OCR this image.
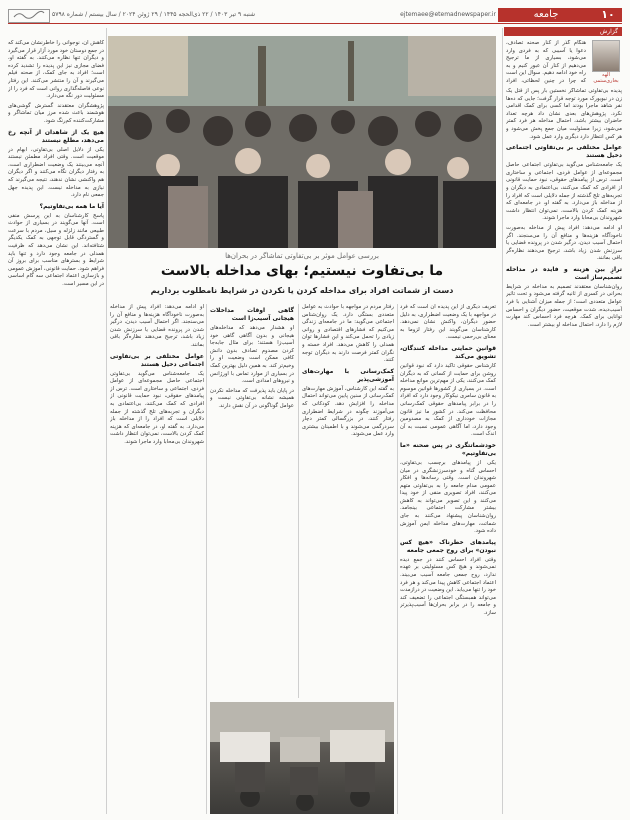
۱۰
جامعه
ejtemaee@etemadnewspaper.ir
شنبه ۹ تیر ۱۴۰۳ / ۲۲ ذی‌الحجه ۱۴۴۵ / ۲۹ ژوئن ۲۰۲۴ / سال بیستم / شماره ۵۷۹۸
گزارش
الهه بخاری‌ستمی

هنگام گذر از کنار صحنه تصادف، دعوا یا آسیبی که به فردی وارد می‌شود، بسیاری از ما ترجیح می‌دهیم از کنار آن عبور کنیم و به راه خود ادامه دهیم. سوال این است که چرا در چنین لحظاتی، افراد

پدیده بی‌تفاوتی تماشاگر نخستین بار پس از قتل یک زن در نیویورک مورد توجه قرار گرفت؛ جایی که ده‌ها نفر شاهد ماجرا بودند اما کسی برای کمک اقدامی نکرد. پژوهش‌های بعدی نشان داد هرچه تعداد حاضران بیشتر باشد، احتمال مداخله هر فرد کمتر می‌شود، زیرا مسئولیت میان جمع پخش می‌شود و هر کس انتظار دارد دیگری وارد عمل شود.

عوامل مختلفی بر بی‌تفاوتی اجتماعی دخیل هستند

یک جامعه‌شناس می‌گوید بی‌تفاوتی اجتماعی حاصل مجموعه‌ای از عوامل فردی، اجتماعی و ساختاری است. ترس از پیامدهای حقوقی، نبود حمایت قانونی از افرادی که کمک می‌کنند، بی‌اعتمادی به دیگران و تجربه‌های تلخ گذشته از جمله دلایلی است که افراد را از مداخله باز می‌دارد. به گفته او، در جامعه‌ای که هزینه کمک کردن بالاست، نمی‌توان انتظار داشت شهروندان بی‌محابا وارد ماجرا شوند.

او ادامه می‌دهد: افراد پیش از مداخله به‌صورت ناخودآگاه هزینه‌ها و منافع آن را می‌سنجند. اگر احتمال آسیب دیدن، درگیر شدن در پرونده قضایی یا سرزنش شدن زیاد باشد، ترجیح می‌دهند نظاره‌گر باقی بمانند.

ترازِ بین هزینه و فایده در مداخله تصمیم‌ساز است

روان‌شناسان معتقدند تصمیم به مداخله در شرایط بحرانی در کسری از ثانیه گرفته می‌شود و تحت تاثیر عوامل متعددی است؛ از جمله میزان آشنایی با فرد آسیب‌دیده، شدت موقعیت، حضور دیگران و احساس توانایی برای کمک. هرچه فرد احساس کند مهارت لازم را دارد، احتمال مداخله او بیشتر است.

بررسی عوامل موثر بر بی‌تفاوتی تماشاگر در بحران‌ها
ما بی‌تفاوت نیستیم؛ بهای مداخله بالاست
دست از شماتت افراد برای مداخله کردن یا نکردن در شرایط نامطلوب برداریم

تعریف دیگری از این پدیده آن است که فرد در مواجهه با یک وضعیت اضطراری، به دلیل حضور دیگران، واکنش نشان نمی‌دهد. کارشناسان می‌گویند این رفتار لزوما به معنای بی‌رحمی نیست.

قوانین حمایتی مداخله کنندگان، تشویق می‌کند

کارشناس حقوقی تاکید دارد که نبود قوانین روشن برای حمایت از کسانی که به دیگران کمک می‌کنند، یکی از مهم‌ترین موانع مداخله است. در بسیاری از کشورها قوانین موسوم به قانون سامری نیکوکار وجود دارد که افراد را در برابر پیامدهای حقوقی کمک‌رسانی محافظت می‌کند. در کشور ما نیز قانون مجازات خودداری از کمک به مصدومین وجود دارد، اما آگاهی عمومی نسبت به آن اندک است.

خودشماتتگری در پس صحنه «ما بی‌تفاوتیم»

یکی از پیامدهای برچسب بی‌تفاوتی، احساس گناه و خودسرزنشگری در میان شهروندان است. وقتی رسانه‌ها و افکار عمومی مدام جامعه را به بی‌تفاوتی متهم می‌کنند، افراد تصویری منفی از خود پیدا می‌کنند و این تصویر می‌تواند به کاهش بیشتر مشارکت اجتماعی بینجامد. روان‌شناسان پیشنهاد می‌کنند به جای شماتت، مهارت‌های مداخله ایمن آموزش داده شود.

پیامدهای خطرناک «هیچ کس نبودن» برای روح جمعی جامعه

وقتی افراد احساس کنند در جمع دیده نمی‌شوند و هیچ کس مسئولیتی بر عهده ندارد، روح جمعی جامعه آسیب می‌بیند. اعتماد اجتماعی کاهش پیدا می‌کند و هر فرد خود را تنها می‌یابد. این وضعیت در درازمدت می‌تواند همبستگی اجتماعی را تضعیف کند و جامعه را در برابر بحران‌ها آسیب‌پذیرتر سازد.

رفتار مردم در مواجهه با حوادث به عوامل متعددی بستگی دارد. یک روان‌شناس اجتماعی می‌گوید: ما در جامعه‌ای زندگی می‌کنیم که فشارهای اقتصادی و روانی زیادی را تحمل می‌کند و این فشارها توان همدلی را کاهش می‌دهد. افراد خسته و نگران کمتر فرصت دارند به دیگران توجه کنند.

کمک‌رسانی با مهارت‌های آموزشی‌پذیر

به گفته این کارشناس، آموزش مهارت‌های کمک‌رسانی از سنین پایین می‌تواند احتمال مداخله را افزایش دهد. کودکانی که می‌آموزند چگونه در شرایط اضطراری رفتار کنند، در بزرگسالی کمتر دچار سردرگمی می‌شوند و با اطمینان بیشتری وارد عمل می‌شوند.

گاهی اوقات مداخلات هیجانی آسیب‌زا است

او هشدار می‌دهد که مداخله‌های هیجانی و بدون آگاهی گاهی خود آسیب‌زا هستند؛ برای مثال جابه‌جا کردن مصدوم تصادف بدون دانش کافی ممکن است وضعیت او را وخیم‌تر کند. به همین دلیل بهترین کمک در بسیاری از موارد تماس با اورژانس و نیروهای امدادی است.

در پایان باید پذیرفت که مداخله نکردن همیشه نشانه بی‌تفاوتی نیست و عوامل گوناگونی در آن نقش دارند.

کاهش آن، نوجوانی را خاطرنشان می‌کند که در جمع دوستان خود مورد آزار قرار می‌گیرد و دیگران تنها نظاره می‌کنند. به گفته او، فضای مجازی نیز این پدیده را تشدید کرده است؛ افراد به جای کمک، از صحنه فیلم می‌گیرند و آن را منتشر می‌کنند. این رفتار نوعی فاصله‌گذاری روانی است که فرد را از مسئولیت دور نگه می‌دارد.

پژوهشگران معتقدند گسترش گوشی‌های هوشمند باعث شده مرز میان تماشاگر و مشارکت‌کننده کم‌رنگ شود.

هیچ یک از شاهدان از آنچه رخ می‌دهد، مطلع نیستند

یکی از دلایل اصلی بی‌تفاوتی، ابهام در موقعیت است. وقتی افراد مطمئن نیستند آنچه می‌بینند یک وضعیت اضطراری است، به رفتار دیگران نگاه می‌کنند و اگر دیگران هم واکنشی نشان ندهند، نتیجه می‌گیرند که نیازی به مداخله نیست. این پدیده جهل جمعی نام دارد.

آیا ما همه بی‌تفاوتیم؟

پاسخ کارشناسان به این پرسش منفی است. آنها می‌گویند در بسیاری از حوادث طبیعی مانند زلزله و سیل، مردم با سرعت و گستردگی قابل توجهی به کمک یکدیگر شتافته‌اند. این نشان می‌دهد که ظرفیت همدلی در جامعه وجود دارد و تنها باید شرایط و بسترهای مناسب برای بروز آن فراهم شود. حمایت قانونی، آموزش عمومی و بازسازی اعتماد اجتماعی سه گام اساسی در این مسیر است.

او ادامه می‌دهد: افراد پیش از مداخله به‌صورت ناخودآگاه هزینه‌ها و منافع آن را می‌سنجند. اگر احتمال آسیب دیدن، درگیر شدن در پرونده قضایی یا سرزنش شدن زیاد باشد، ترجیح می‌دهند نظاره‌گر باقی بمانند.

عوامل مختلفی بر بی‌تفاوتی اجتماعی دخیل هستند

یک جامعه‌شناس می‌گوید بی‌تفاوتی اجتماعی حاصل مجموعه‌ای از عوامل فردی، اجتماعی و ساختاری است. ترس از پیامدهای حقوقی، نبود حمایت قانونی از افرادی که کمک می‌کنند، بی‌اعتمادی به دیگران و تجربه‌های تلخ گذشته از جمله دلایلی است که افراد را از مداخله باز می‌دارد. به گفته او، در جامعه‌ای که هزینه کمک کردن بالاست، نمی‌توان انتظار داشت شهروندان بی‌محابا وارد ماجرا شوند.
